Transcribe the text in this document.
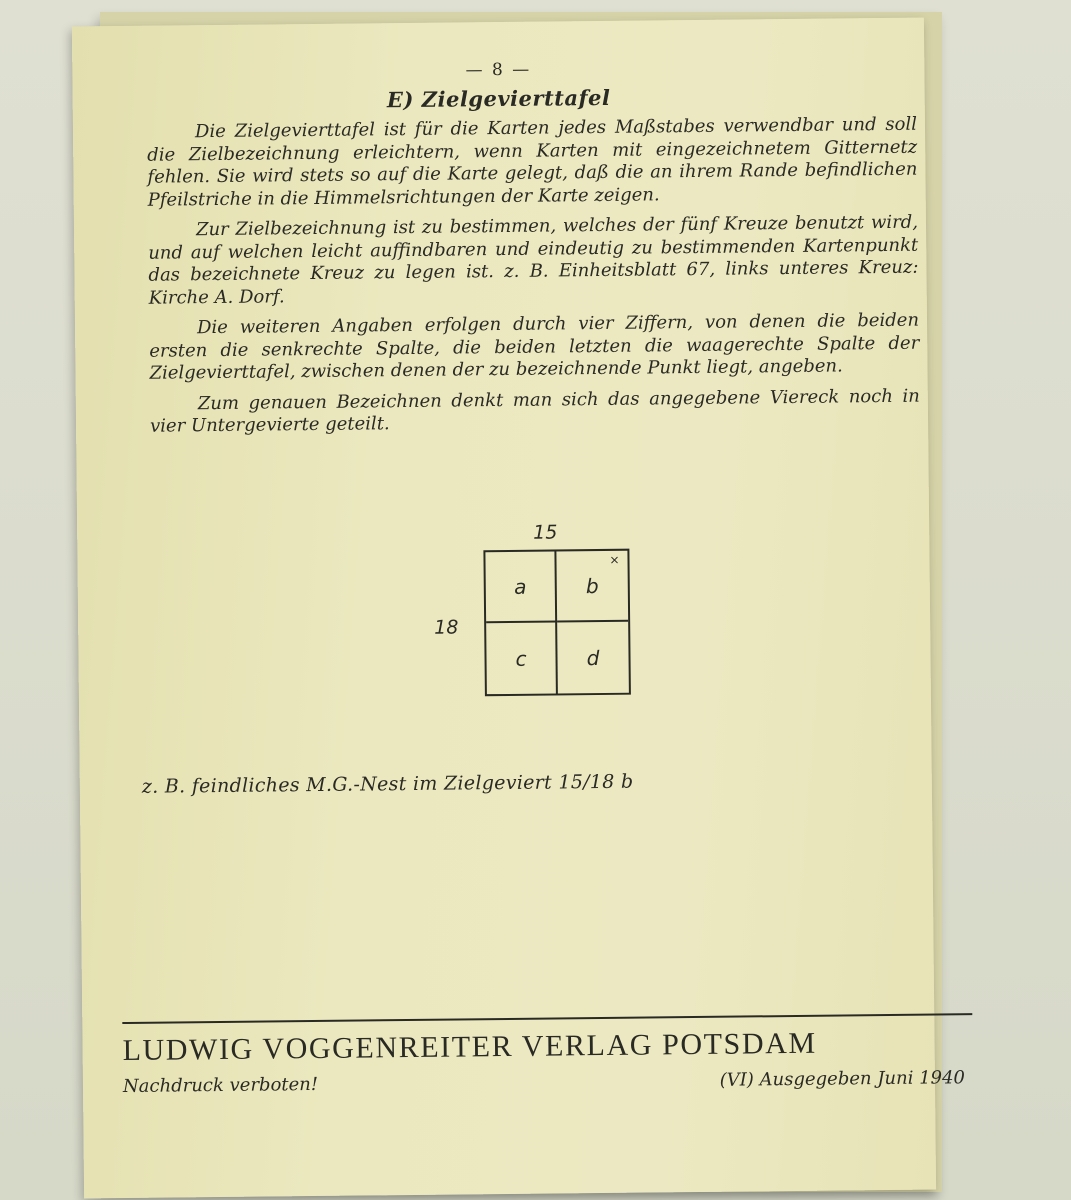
— 8 —
E) Zielgevierttafel

Die Zielgevierttafel ist für die Karten jedes Maßstabes verwendbar und soll die Zielbezeichnung erleichtern, wenn Karten mit eingezeichnetem Gitternetz fehlen. Sie wird stets so auf die Karte gelegt, daß die an ihrem Rande befindlichen Pfeilstriche in die Himmelsrichtungen der Karte zeigen.

Zur Zielbezeichnung ist zu bestimmen, welches der fünf Kreuze benutzt wird, und auf welchen leicht auffindbaren und eindeutig zu bestimmenden Kartenpunkt das bezeichnete Kreuz zu legen ist. z. B. Einheitsblatt 67, links unteres Kreuz: Kirche A. Dorf.

Die weiteren Angaben erfolgen durch vier Ziffern, von denen die beiden ersten die senkrechte Spalte, die beiden letzten die waagerechte Spalte der Zielgevierttafel, zwischen denen der zu bezeichnende Punkt liegt, angeben.

Zum genauen Bezeichnen denkt man sich das angegebene Viereck noch in vier Untergevierte geteilt.

15
18
a	b
×
c	d
z. B. feindliches M.G.-Nest im Zielgeviert 15/18 b
LUDWIG VOGGENREITER VERLAG POTSDAM
Nachdruck verboten!	(VI) Ausgegeben Juni 1940
